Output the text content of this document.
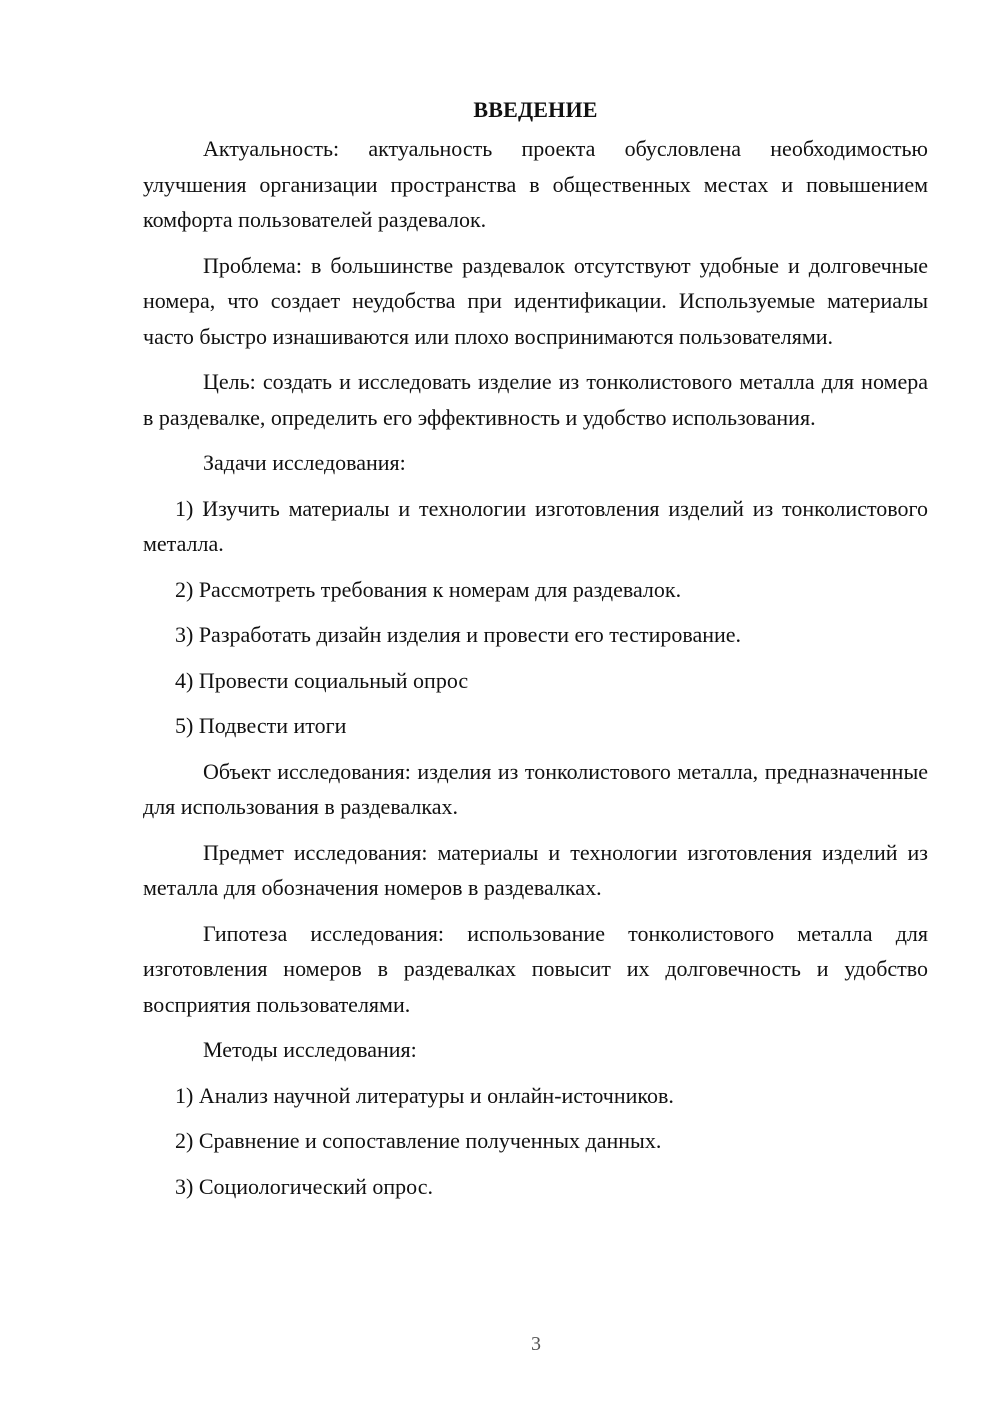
ВВЕДЕНИЕ

Актуальность: актуальность проекта обусловлена необходимостью улучшения организации пространства в общественных местах и повышением комфорта пользователей раздевалок.

Проблема: в большинстве раздевалок отсутствуют удобные и долговечные номера, что создает неудобства при идентификации. Используемые материалы часто быстро изнашиваются или плохо воспринимаются пользователями.

Цель: создать и исследовать изделие из тонколистового металла для номера в раздевалке, определить его эффективность и удобство использования.

Задачи исследования:

1) Изучить материалы и технологии изготовления изделий из тонколистового металла.

2) Рассмотреть требования к номерам для раздевалок.

3) Разработать дизайн изделия и провести его тестирование.

4) Провести социальный опрос

5) Подвести итоги

Объект исследования: изделия из тонколистового металла, предназначенные для использования в раздевалках.

Предмет исследования: материалы и технологии изготовления изделий из металла для обозначения номеров в раздевалках.

Гипотеза исследования: использование тонколистового металла для изготовления номеров в раздевалках повысит их долговечность и удобство восприятия пользователями.

Методы исследования:

1) Анализ научной литературы и онлайн-источников.

2) Сравнение и сопоставление полученных данных.

3) Социологический опрос.

3
